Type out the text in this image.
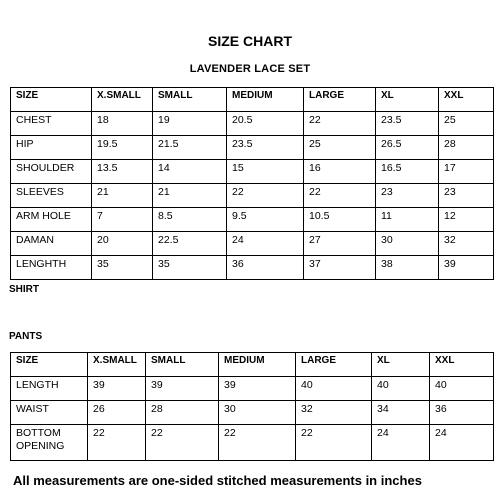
SIZE CHART
LAVENDER LACE SET
SIZE	X.SMALL	SMALL	MEDIUM	LARGE	XL	XXL
CHEST	18	19	20.5	22	23.5	25
HIP	19.5	21.5	23.5	25	26.5	28
SHOULDER	13.5	14	15	16	16.5	17
SLEEVES	21	21	22	22	23	23
ARM HOLE	7	8.5	9.5	10.5	11	12
DAMAN	20	22.5	24	27	30	32
LENGHTH	35	35	36	37	38	39
SHIRT
PANTS
SIZE	X.SMALL	SMALL	MEDIUM	LARGE	XL	XXL
LENGTH	39	39	39	40	40	40
WAIST	26	28	30	32	34	36
BOTTOM OPENING	22	22	22	22	24	24
All measurements are one-sided stitched measurements in inches
